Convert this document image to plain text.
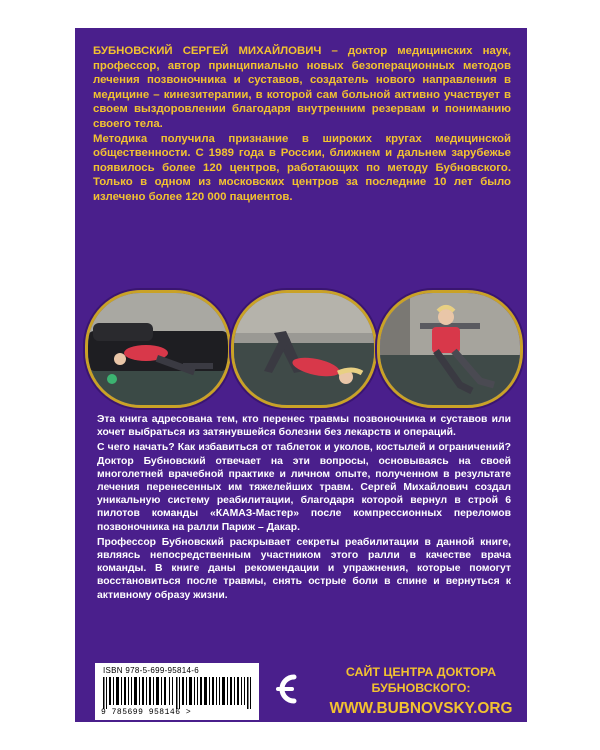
БУБНОВСКИЙ СЕРГЕЙ МИХАЙЛОВИЧ – доктор медицинских наук, профессор, автор принципиально новых безоперационных методов лечения позвоночника и суставов, создатель нового направления в медицине – кинезитерапии, в которой сам больной активно участвует в своем выздоровлении благодаря внутренним резервам и пониманию своего тела.

Методика получила признание в широких кругах медицинской общественности. С 1989 года в России, ближнем и дальнем зарубежье появилось более 120 центров, работающих по методу Бубновского. Только в одном из московских центров за последние 10 лет было излечено более 120 000 пациентов.

Эта книга адресована тем, кто перенес травмы позвоночника и суставов или хочет выбраться из затянувшейся болезни без лекарств и операций.

С чего начать? Как избавиться от таблеток и уколов, костылей и ограничений? Доктор Бубновский отвечает на эти вопросы, основываясь на своей многолетней врачебной практике и личном опыте, полученном в результате лечения перенесенных им тяжелейших травм. Сергей Михайлович создал уникальную систему реабилитации, благодаря которой вернул в строй 6 пилотов команды «КАМАЗ-Мастер» после компрессионных переломов позвоночника на ралли Париж – Дакар.

Профессор Бубновский раскрывает секреты реабилитации в данной книге, являясь непосредственным участником этого ралли в качестве врача команды. В книге даны рекомендации и упражнения, которые помогут восстановиться после травмы, снять острые боли в спине и вернуться к активному образу жизни.

ISBN 978-5-699-95814-6
9 785699 958146 >
САЙТ ЦЕНТРА ДОКТОРА БУБНОВСКОГО:
WWW.BUBNOVSKY.ORG
